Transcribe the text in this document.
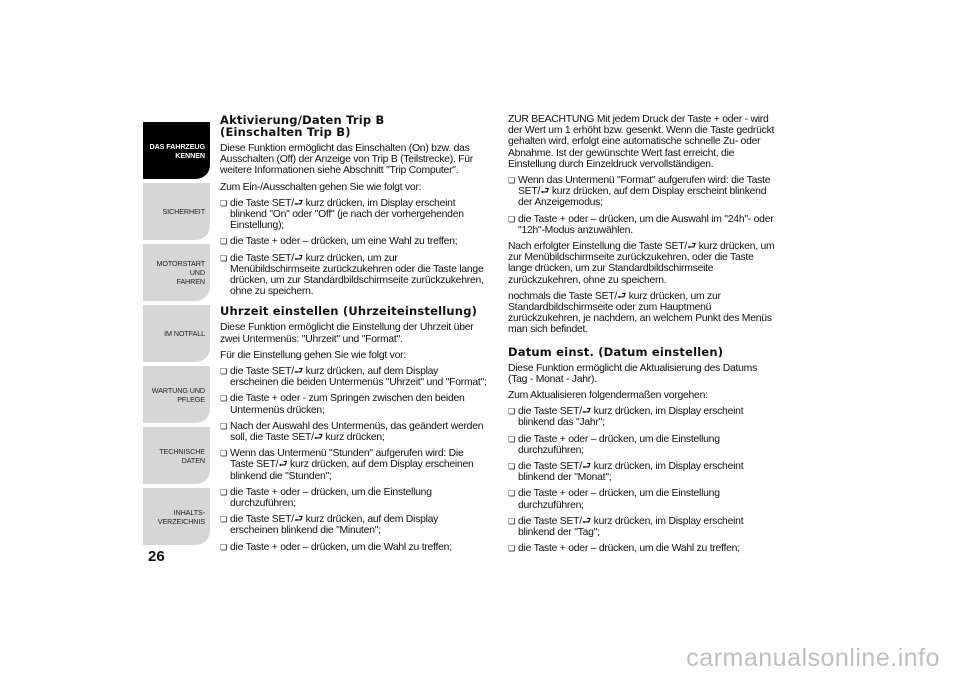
DAS FAHRZEUG
KENNEN
SICHERHEIT
MOTORSTART UND
FAHREN
IM NOTFALL
WARTUNG UND
PFLEGE
TECHNISCHE DATEN
INHALTS-
VERZEICHNIS
26
Aktivierung/Daten Trip B
(Einschalten Trip B)

Diese Funktion ermöglicht das Einschalten (On) bzw. das Ausschalten (Off) der Anzeige von Trip B (Teilstrecke). Für weitere Informationen siehe Abschnitt "Trip Computer".

Zum Ein-/Ausschalten gehen Sie wie folgt vor:

❏ die Taste SET/⮐ kurz drücken, im Display erscheint blinkend "On" oder "Off" (je nach der vorhergehenden Einstellung);
❏ die Taste + oder – drücken, um eine Wahl zu treffen;
❏ die Taste SET/⮐ kurz drücken, um zur Menübildschirmseite zurückzukehren oder die Taste lange drücken, um zur Standardbildschirmseite zurückzukehren, ohne zu speichern.
Uhrzeit einstellen (Uhrzeiteinstellung)

Diese Funktion ermöglicht die Einstellung der Uhrzeit über zwei Untermenüs: "Uhrzeit" und "Format".

Für die Einstellung gehen Sie wie folgt vor:

❏ die Taste SET/⮐ kurz drücken, auf dem Display erscheinen die beiden Untermenüs "Uhrzeit" und "Format";
❏ die Taste + oder - zum Springen zwischen den beiden Untermenüs drücken;
❏ Nach der Auswahl des Untermenüs, das geändert werden soll, die Taste SET/⮐ kurz drücken;
❏ Wenn das Untermenü "Stunden" aufgerufen wird: Die Taste SET/⮐ kurz drücken, auf dem Display erscheinen blinkend die "Stunden";
❏ die Taste + oder – drücken, um die Einstellung durchzuführen;
❏ die Taste SET/⮐ kurz drücken, auf dem Display erscheinen blinkend die "Minuten";
❏ die Taste + oder – drücken, um die Wahl zu treffen;

ZUR BEACHTUNG Mit jedem Druck der Taste + oder - wird der Wert um 1 erhöht bzw. gesenkt. Wenn die Taste gedrückt gehalten wird, erfolgt eine automatische schnelle Zu- oder Abnahme. Ist der gewünschte Wert fast erreicht, die Einstellung durch Einzeldruck vervollständigen.

❏ Wenn das Untermenü "Format" aufgerufen wird: die Taste SET/⮐ kurz drücken, auf dem Display erscheint blinkend der Anzeigemodus;
❏ die Taste + oder – drücken, um die Auswahl im "24h"- oder "12h"-Modus anzuwählen.

Nach erfolgter Einstellung die Taste SET/⮐ kurz drücken, um zur Menübildschirmseite zurückzukehren, oder die Taste lange drücken, um zur Standardbildschirmseite zurückzukehren, ohne zu speichern.

nochmals die Taste SET/⮐ kurz drücken, um zur Standardbildschirmseite oder zum Hauptmenü zurückzukehren, je nachdem, an welchem Punkt des Menüs man sich befindet.

Datum einst. (Datum einstellen)

Diese Funktion ermöglicht die Aktualisierung des Datums (Tag - Monat - Jahr).

Zum Aktualisieren folgendermaßen vorgehen:

❏ die Taste SET/⮐ kurz drücken, im Display erscheint blinkend das "Jahr";
❏ die Taste + oder – drücken, um die Einstellung durchzuführen;
❏ die Taste SET/⮐ kurz drücken, im Display erscheint blinkend der "Monat";
❏ die Taste + oder – drücken, um die Einstellung durchzuführen;
❏ die Taste SET/⮐ kurz drücken, im Display erscheint blinkend der "Tag";
❏ die Taste + oder – drücken, um die Wahl zu treffen;
carmanualsonline.info
